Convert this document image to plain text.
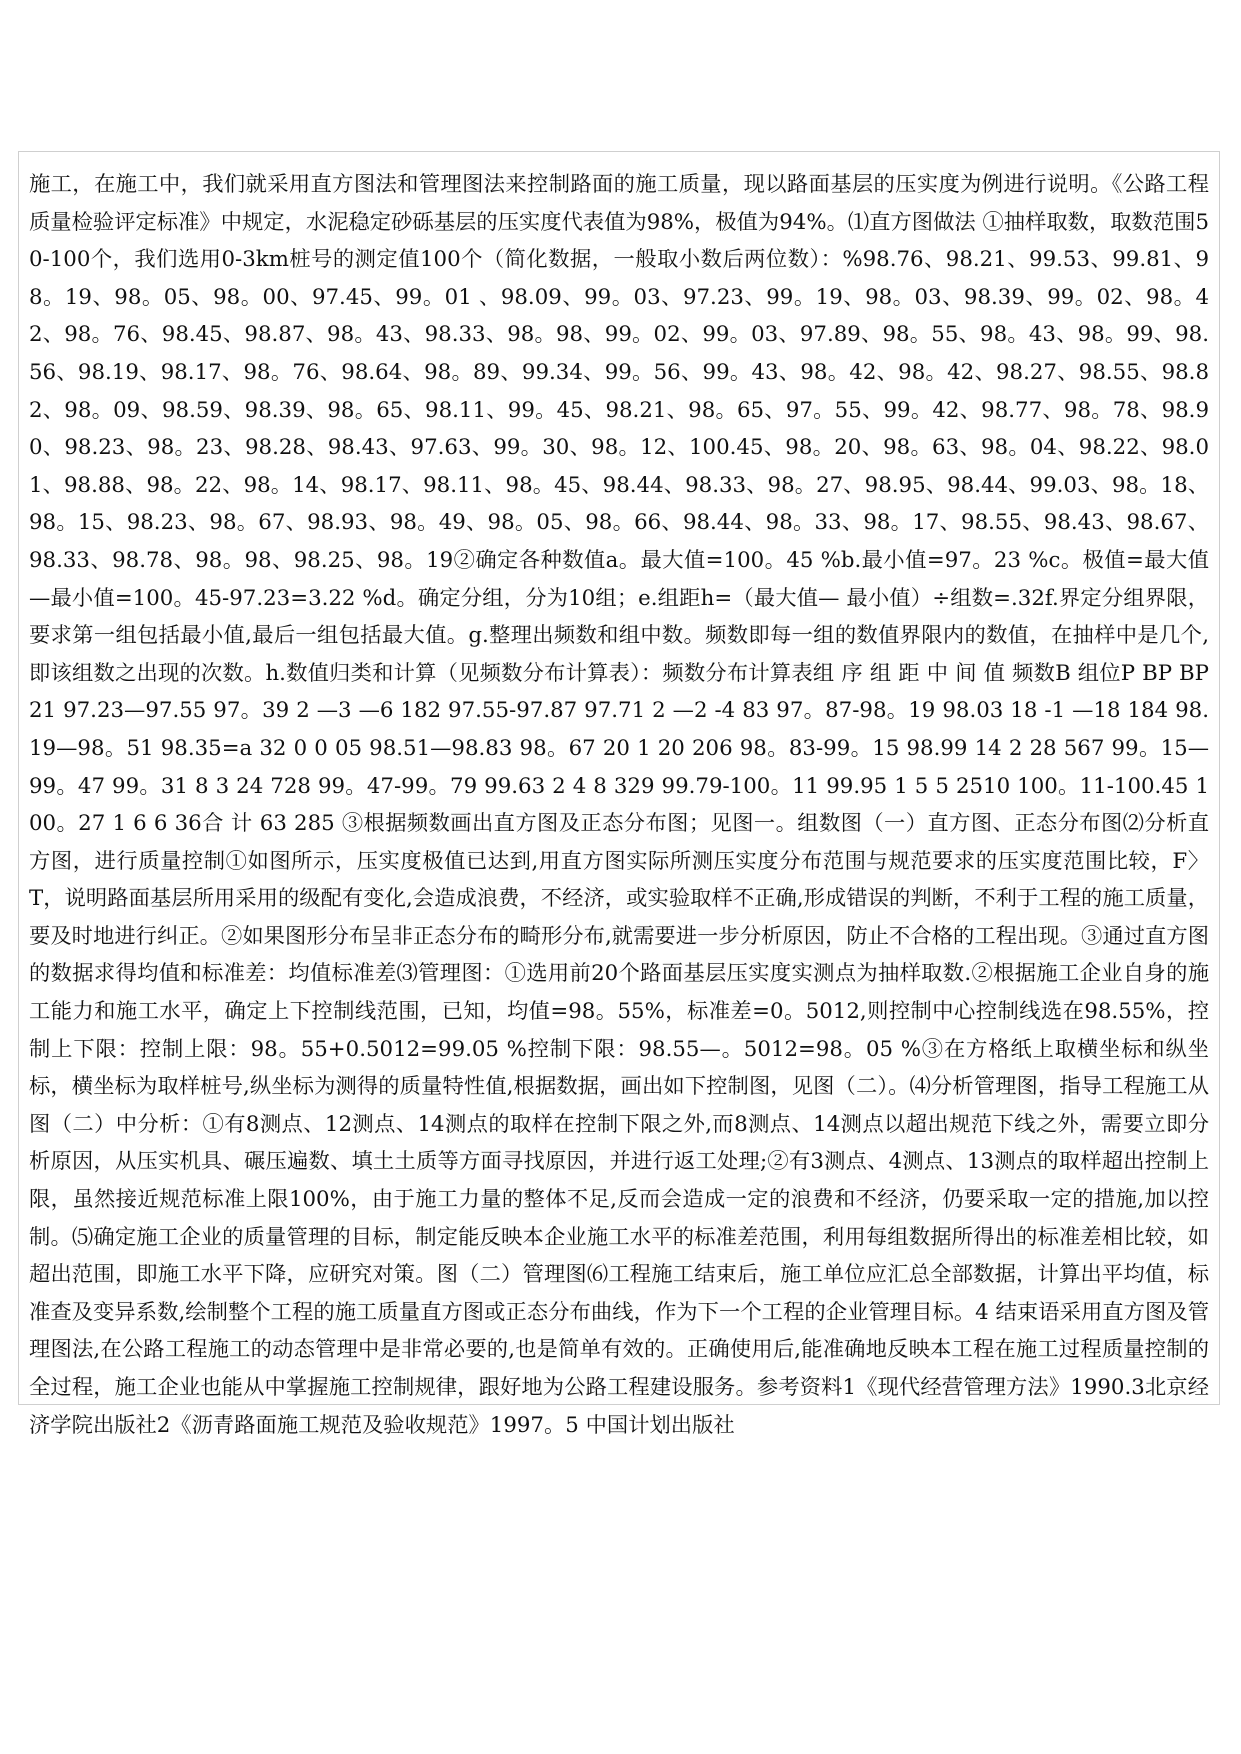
施工，在施工中，我们就采用直方图法和管理图法来控制路面的施工质量，现以路面基层的压实度为例进行说明。《公路工程质量检验评定标准》中规定，水泥稳定砂砾基层的压实度代表值为98%，极值为94%。⑴直方图做法 ①抽样取数，取数范围50-100个，我们选用0-3km桩号的测定值100个（简化数据，一般取小数后两位数）：%98.76、98.21、99.53、99.81、98。19、98。05、98。00、97.45、99。01 、98.09、99。03、97.23、99。19、98。03、98.39、99。02、98。42、98。76、98.45、98.87、98。43、98.33、98。98、99。02、99。03、97.89、98。55、98。43、98。99、98.56、98.19、98.17、98。76、98.64、98。89、99.34、99。56、99。43、98。42、98。42、98.27、98.55、98.82、98。09、98.59、98.39、98。65、98.11、99。45、98.21、98。65、97。55、99。42、98.77、98。78、98.90、98.23、98。23、98.28、98.43、97.63、99。30、98。12、100.45、98。20、98。63、98。04、98.22、98.01、98.88、98。22、98。14、98.17、98.11、98。45、98.44、98.33、98。27、98.95、98.44、99.03、98。18、98。15、98.23、98。67、98.93、98。49、98。05、98。66、98.44、98。33、98。17、98.55、98.43、98.67、98.33、98.78、98。98、98.25、98。19②确定各种数值a。最大值=100。45 %b.最小值=97。23 %c。极值=最大值—最小值=100。45-97.23=3.22 %d。确定分组，分为10组；e.组距h=（最大值— 最小值）÷组数=.32f.界定分组界限，要求第一组包括最小值,最后一组包括最大值。g.整理出频数和组中数。频数即每一组的数值界限内的数值，在抽样中是几个,即该组数之出现的次数。h.数值归类和计算（见频数分布计算表）：频数分布计算表组 序 组 距 中 间 值 频数B 组位P BP BP21 97.23—97.55 97。39 2 —3 —6 182 97.55-97.87 97.71 2 —2 -4 83 97。87-98。19 98.03 18 -1 —18 184 98.19—98。51 98.35=a 32 0 0 05 98.51—98.83 98。67 20 1 20 206 98。83-99。15 98.99 14 2 28 567 99。15—99。47 99。31 8 3 24 728 99。47-99。79 99.63 2 4 8 329 99.79-100。11 99.95 1 5 5 2510 100。11-100.45 100。27 1 6 6 36合 计 63 285 ③根据频数画出直方图及正态分布图；见图一。组数图（一）直方图、正态分布图⑵分析直方图，进行质量控制①如图所示，压实度极值已达到,用直方图实际所测压实度分布范围与规范要求的压实度范围比较，F〉T，说明路面基层所用采用的级配有变化,会造成浪费，不经济，或实验取样不正确,形成错误的判断，不利于工程的施工质量，要及时地进行纠正。②如果图形分布呈非正态分布的畸形分布,就需要进一步分析原因，防止不合格的工程出现。③通过直方图的数据求得均值和标准差：均值标准差⑶管理图：①选用前20个路面基层压实度实测点为抽样取数.②根据施工企业自身的施工能力和施工水平，确定上下控制线范围，已知，均值=98。55%，标准差=0。5012,则控制中心控制线选在98.55%，控制上下限：控制上限：98。55+0.5012=99.05 %控制下限：98.55—。5012=98。05 %③在方格纸上取横坐标和纵坐标，横坐标为取样桩号,纵坐标为测得的质量特性值,根据数据，画出如下控制图，见图（二）。⑷分析管理图，指导工程施工从图（二）中分析：①有8测点、12测点、14测点的取样在控制下限之外,而8测点、14测点以超出规范下线之外，需要立即分析原因，从压实机具、碾压遍数、填土土质等方面寻找原因，并进行返工处理;②有3测点、4测点、13测点的取样超出控制上限，虽然接近规范标准上限100%，由于施工力量的整体不足,反而会造成一定的浪费和不经济，仍要采取一定的措施,加以控制。⑸确定施工企业的质量管理的目标，制定能反映本企业施工水平的标准差范围，利用每组数据所得出的标准差相比较，如超出范围，即施工水平下降，应研究对策。图（二）管理图⑹工程施工结束后，施工单位应汇总全部数据，计算出平均值，标准查及变异系数,绘制整个工程的施工质量直方图或正态分布曲线，作为下一个工程的企业管理目标。4 结束语采用直方图及管理图法,在公路工程施工的动态管理中是非常必要的,也是简单有效的。正确使用后,能准确地反映本工程在施工过程质量控制的全过程，施工企业也能从中掌握施工控制规律，跟好地为公路工程建设服务。参考资料1《现代经营管理方法》1990.3北京经济学院出版社2《沥青路面施工规范及验收规范》1997。5 中国计划出版社
